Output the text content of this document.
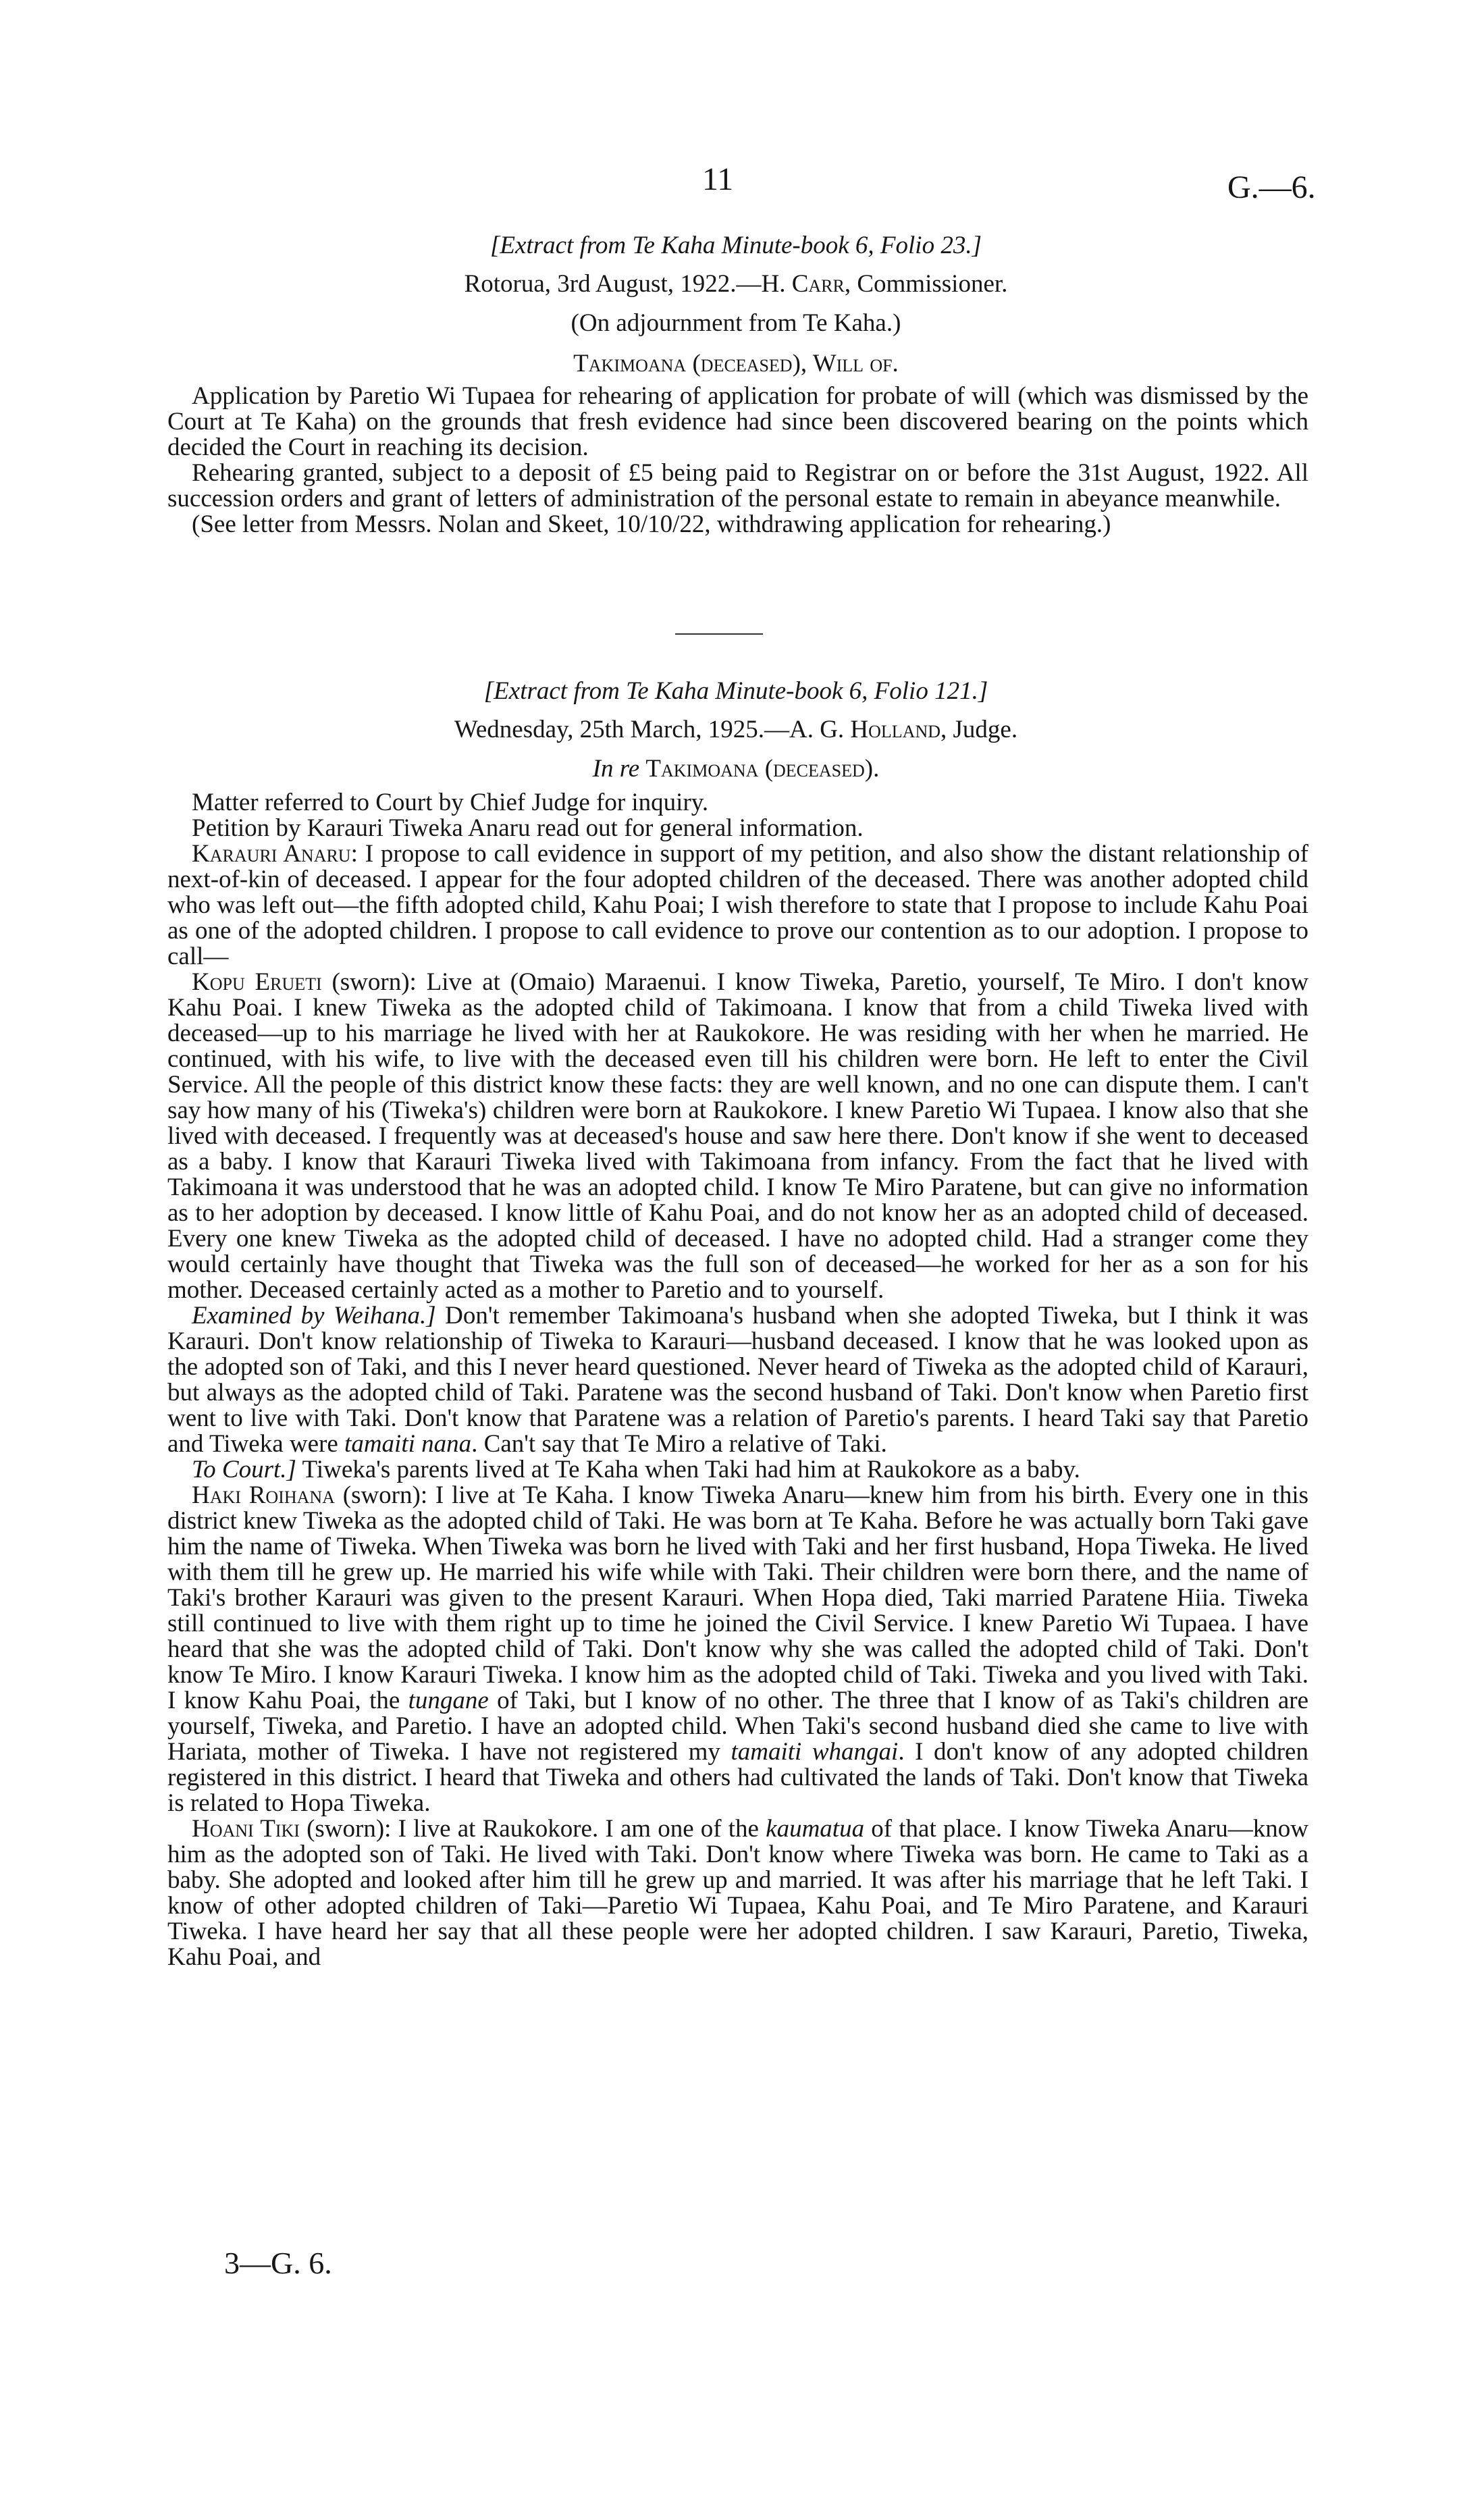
11	G.—6.
[Extract from Te Kaha Minute-book 6, Folio 23.]
Rotorua, 3rd August, 1922.—H. Carr, Commissioner.
(On adjournment from Te Kaha.)
Takimoana (deceased), Will of.

Application by Paretio Wi Tupaea for rehearing of application for probate of will (which was dismissed by the Court at Te Kaha) on the grounds that fresh evidence had since been discovered bearing on the points which decided the Court in reaching its decision.

Rehearing granted, subject to a deposit of £5 being paid to Registrar on or before the 31st August, 1922. All succession orders and grant of letters of administration of the personal estate to remain in abeyance meanwhile.

(See letter from Messrs. Nolan and Skeet, 10/10/22, withdrawing application for rehearing.)

[Extract from Te Kaha Minute-book 6, Folio 121.]
Wednesday, 25th March, 1925.—A. G. Holland, Judge.
In re Takimoana (deceased).

Matter referred to Court by Chief Judge for inquiry.

Petition by Karauri Tiweka Anaru read out for general information.

Karauri Anaru: I propose to call evidence in support of my petition, and also show the distant relationship of next-of-kin of deceased. I appear for the four adopted children of the deceased. There was another adopted child who was left out—the fifth adopted child, Kahu Poai; I wish therefore to state that I propose to include Kahu Poai as one of the adopted children. I propose to call evidence to prove our contention as to our adoption. I propose to call—

Kopu Erueti (sworn): Live at (Omaio) Maraenui. I know Tiweka, Paretio, yourself, Te Miro. I don't know Kahu Poai. I knew Tiweka as the adopted child of Takimoana. I know that from a child Tiweka lived with deceased—up to his marriage he lived with her at Raukokore. He was residing with her when he married. He continued, with his wife, to live with the deceased even till his children were born. He left to enter the Civil Service. All the people of this district know these facts: they are well known, and no one can dispute them. I can't say how many of his (Tiweka's) children were born at Raukokore. I knew Paretio Wi Tupaea. I know also that she lived with deceased. I frequently was at deceased's house and saw here there. Don't know if she went to deceased as a baby. I know that Karauri Tiweka lived with Takimoana from infancy. From the fact that he lived with Takimoana it was understood that he was an adopted child. I know Te Miro Paratene, but can give no information as to her adoption by deceased. I know little of Kahu Poai, and do not know her as an adopted child of deceased. Every one knew Tiweka as the adopted child of deceased. I have no adopted child. Had a stranger come they would certainly have thought that Tiweka was the full son of deceased—he worked for her as a son for his mother. Deceased certainly acted as a mother to Paretio and to yourself.

Examined by Weihana.] Don't remember Takimoana's husband when she adopted Tiweka, but I think it was Karauri. Don't know relationship of Tiweka to Karauri—husband deceased. I know that he was looked upon as the adopted son of Taki, and this I never heard questioned. Never heard of Tiweka as the adopted child of Karauri, but always as the adopted child of Taki. Paratene was the second husband of Taki. Don't know when Paretio first went to live with Taki. Don't know that Paratene was a relation of Paretio's parents. I heard Taki say that Paretio and Tiweka were tamaiti nana. Can't say that Te Miro a relative of Taki.

To Court.] Tiweka's parents lived at Te Kaha when Taki had him at Raukokore as a baby.

Haki Roihana (sworn): I live at Te Kaha. I know Tiweka Anaru—knew him from his birth. Every one in this district knew Tiweka as the adopted child of Taki. He was born at Te Kaha. Before he was actually born Taki gave him the name of Tiweka. When Tiweka was born he lived with Taki and her first husband, Hopa Tiweka. He lived with them till he grew up. He married his wife while with Taki. Their children were born there, and the name of Taki's brother Karauri was given to the present Karauri. When Hopa died, Taki married Paratene Hiia. Tiweka still continued to live with them right up to time he joined the Civil Service. I knew Paretio Wi Tupaea. I have heard that she was the adopted child of Taki. Don't know why she was called the adopted child of Taki. Don't know Te Miro. I know Karauri Tiweka. I know him as the adopted child of Taki. Tiweka and you lived with Taki. I know Kahu Poai, the tungane of Taki, but I know of no other. The three that I know of as Taki's children are yourself, Tiweka, and Paretio. I have an adopted child. When Taki's second husband died she came to live with Hariata, mother of Tiweka. I have not registered my tamaiti whangai. I don't know of any adopted children registered in this district. I heard that Tiweka and others had cultivated the lands of Taki. Don't know that Tiweka is related to Hopa Tiweka.

Hoani Tiki (sworn): I live at Raukokore. I am one of the kaumatua of that place. I know Tiweka Anaru—know him as the adopted son of Taki. He lived with Taki. Don't know where Tiweka was born. He came to Taki as a baby. She adopted and looked after him till he grew up and married. It was after his marriage that he left Taki. I know of other adopted children of Taki—Paretio Wi Tupaea, Kahu Poai, and Te Miro Paratene, and Karauri Tiweka. I have heard her say that all these people were her adopted children. I saw Karauri, Paretio, Tiweka, Kahu Poai, and

3—G. 6.
